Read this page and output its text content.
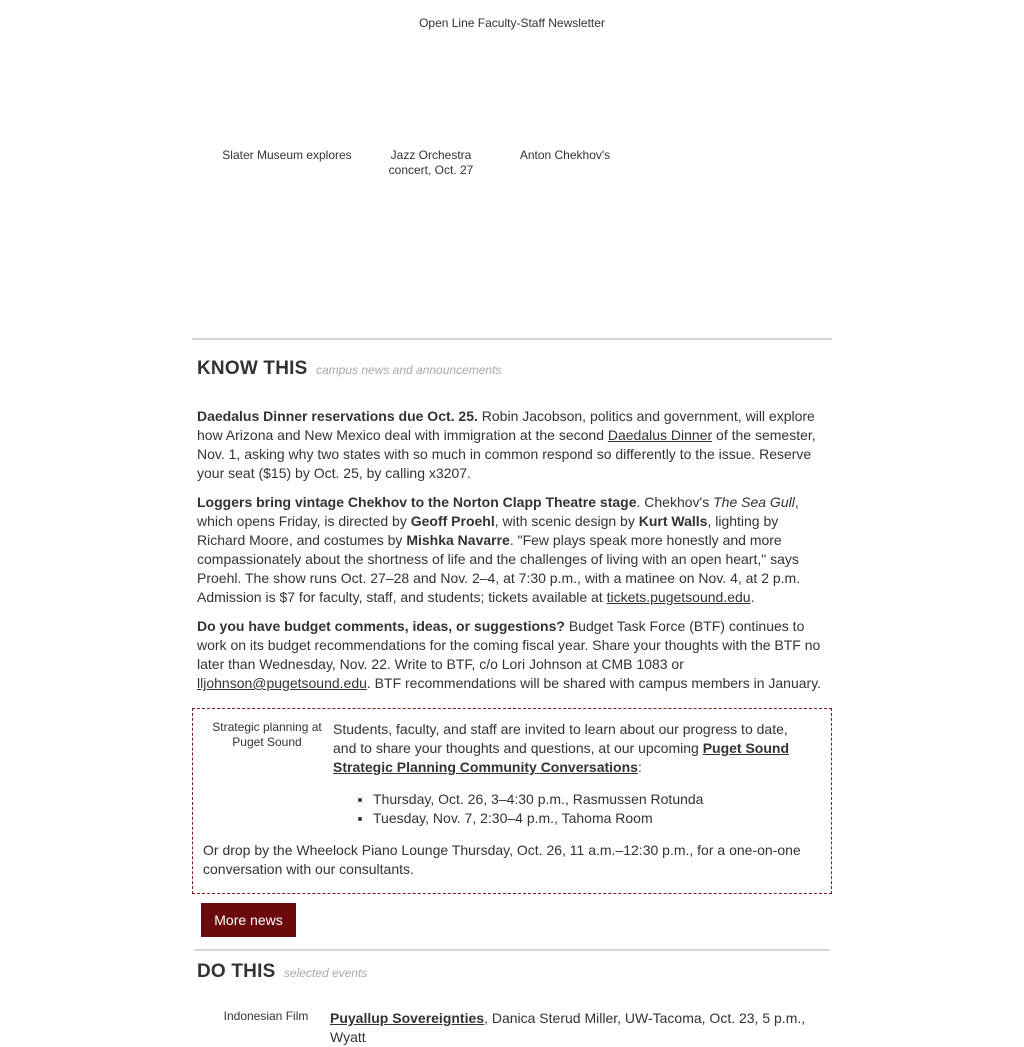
Open Line Faculty-Staff Newsletter
Slater Museum explores	Jazz Orchestra concert, Oct. 27
Anton Chekhov's
KNOW THIS campus news and announcements

Daedalus Dinner reservations due Oct. 25. Robin Jacobson, politics and government, will explore how Arizona and New Mexico deal with immigration at the second Daedalus Dinner of the semester, Nov. 1, asking why two states with so much in common respond so differently to the issue. Reserve your seat ($15) by Oct. 25, by calling x3207.

Loggers bring vintage Chekhov to the Norton Clapp Theatre stage. Chekhov's The Sea Gull, which opens Friday, is directed by Geoff Proehl, with scenic design by Kurt Walls, lighting by Richard Moore, and costumes by Mishka Navarre. "Few plays speak more honestly and more compassionately about the shortness of life and the challenges of living with an open heart," says Proehl. The show runs Oct. 27–28 and Nov. 2–4, at 7:30 p.m., with a matinee on Nov. 4, at 2 p.m. Admission is $7 for faculty, staff, and students; tickets available at tickets.pugetsound.edu.

Do you have budget comments, ideas, or suggestions? Budget Task Force (BTF) continues to work on its budget recommendations for the coming fiscal year. Share your thoughts with the BTF no later than Wednesday, Nov. 22. Write to BTF, c/o Lori Johnson at CMB 1083 or lljohnson@pugetsound.edu. BTF recommendations will be shared with campus members in January.

Strategic planning at Puget Sound

Students, faculty, and staff are invited to learn about our progress to date, and to share your thoughts and questions, at our upcoming Puget Sound Strategic Planning Community Conversations:

• Thursday, Oct. 26, 3–4:30 p.m., Rasmussen Rotunda
• Tuesday, Nov. 7, 2:30–4 p.m., Tahoma Room

Or drop by the Wheelock Piano Lounge Thursday, Oct. 26, 11 a.m.–12:30 p.m., for a one-on-one conversation with our consultants.

More news
DO THIS selected events
Indonesian Film	Puyallup Sovereignties, Danica Sterud Miller, UW-Tacoma, Oct. 23, 5 p.m., Wyatt
